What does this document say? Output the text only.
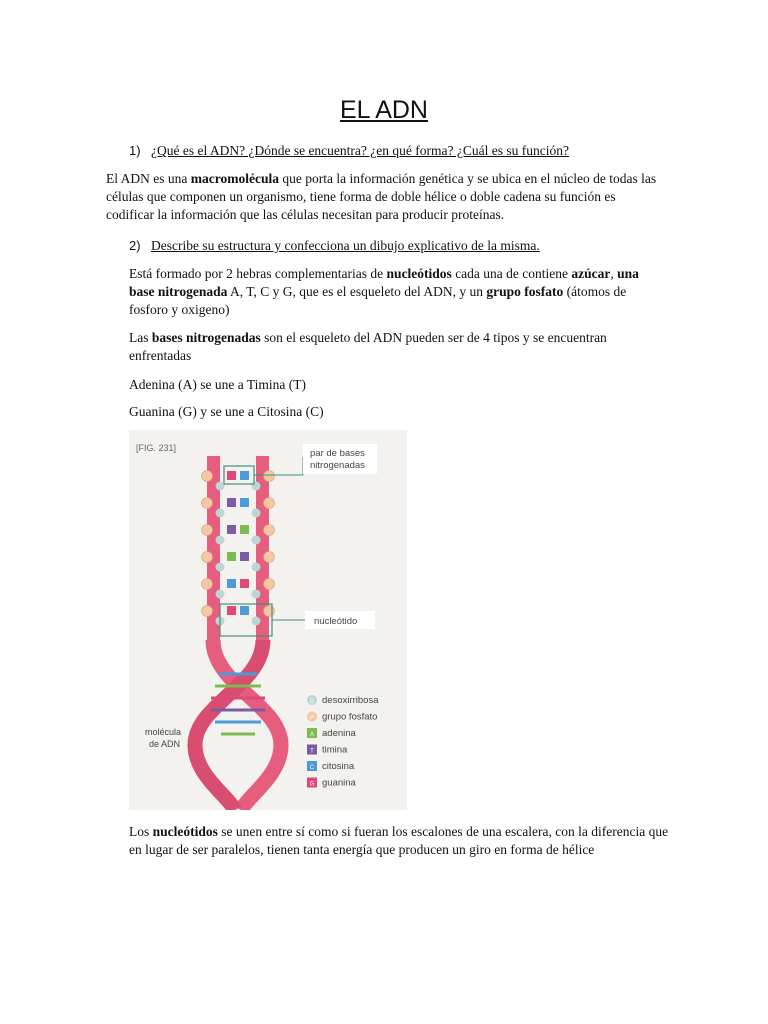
EL ADN
1) ¿Qué es el ADN? ¿Dónde se encuentra? ¿en qué forma? ¿Cuál es su función?
El ADN es una macromolécula que porta la información genética y se ubica en el núcleo de todas las células que componen un organismo, tiene forma de doble hélice o doble cadena su función es codificar la información que las células necesitan para producir proteínas.
2) Describe su estructura y confecciona un dibujo explicativo de la misma.
Está formado por 2 hebras complementarias de nucleótidos cada una de contiene azúcar, una base nitrogenada A, T, C y G, que es el esqueleto del ADN, y un grupo fosfato (átomos de fosforo y oxigeno)
Las bases nitrogenadas son el esqueleto del ADN pueden ser de 4 tipos y se encuentran enfrentadas
Adenina (A) se une a Timina (T)
Guanina (G) y se une a Citosina (C)
[FIG. 231]	par de bases
nitrogenadas
nucleótido
molécula
de ADN
D desoxirribosa
P grupo fosfato
A adenina
T timina
C citosina
G guanina
Los nucleótidos se unen entre sí como si fueran los escalones de una escalera, con la diferencia que en lugar de ser paralelos, tienen tanta energía que producen un giro en forma de hélice
